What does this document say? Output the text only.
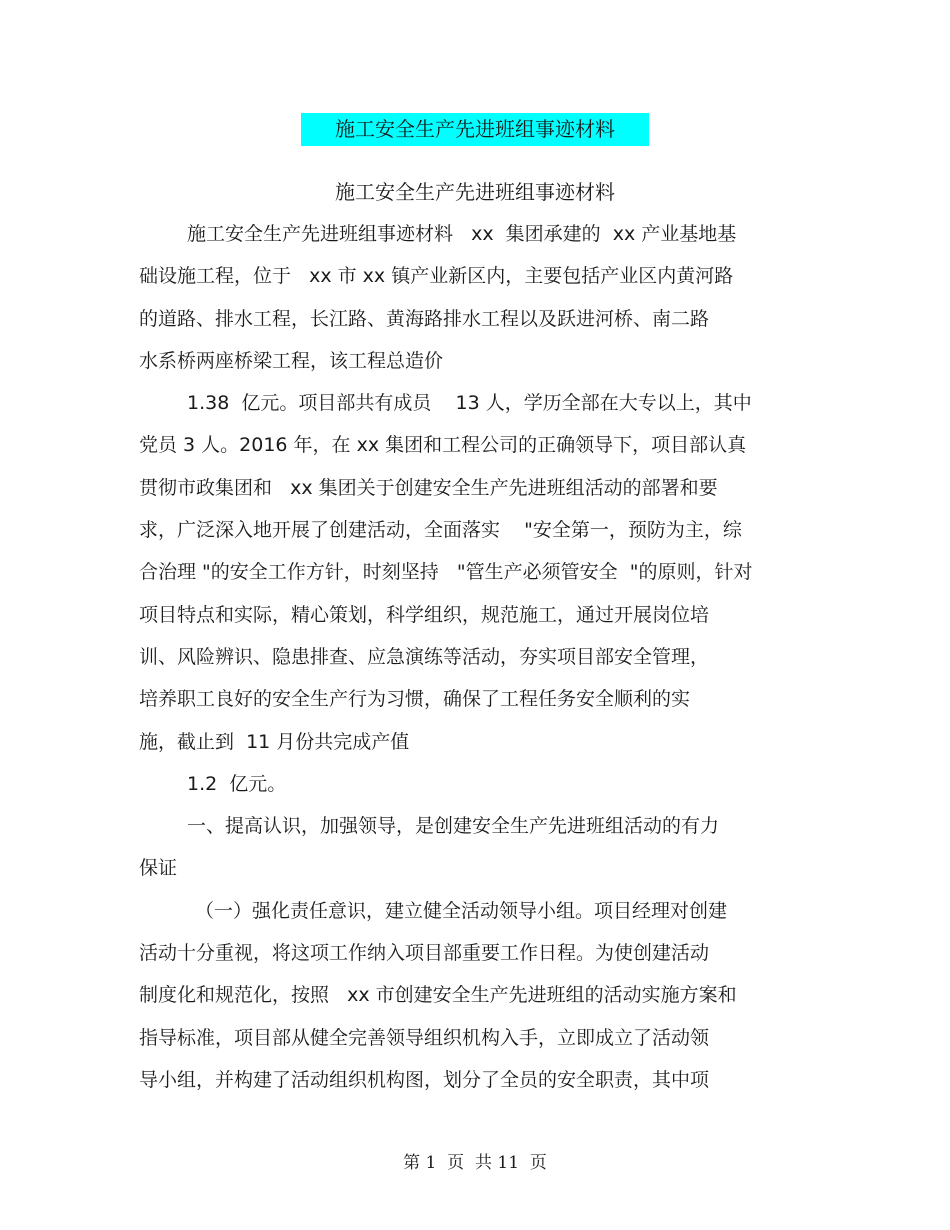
施工安全生产先进班组事迹材料
施工安全生产先进班组事迹材料
施工安全生产先进班组事迹材料   xx  集团承建的  xx 产业基地基
础设施工程，位于   xx 市 xx 镇产业新区内，主要包括产业区内黄河路
的道路、排水工程，长江路、黄海路排水工程以及跃进河桥、南二路
水系桥两座桥梁工程，该工程总造价
1.38  亿元。项目部共有成员    13 人，学历全部在大专以上，其中
党员 3 人。2016 年，在 xx 集团和工程公司的正确领导下，项目部认真
贯彻市政集团和   xx 集团关于创建安全生产先进班组活动的部署和要
求，广泛深入地开展了创建活动，全面落实    "安全第一，预防为主，综
合治理 "的安全工作方针，时刻坚持   "管生产必须管安全  "的原则，针对
项目特点和实际，精心策划，科学组织，规范施工，通过开展岗位培
训、风险辨识、隐患排查、应急演练等活动，夯实项目部安全管理，
培养职工良好的安全生产行为习惯，确保了工程任务安全顺利的实
施，截止到  11 月份共完成产值
1.2  亿元。
一、提高认识，加强领导，是创建安全生产先进班组活动的有力
保证
（一）强化责任意识，建立健全活动领导小组。项目经理对创建
活动十分重视，将这项工作纳入项目部重要工作日程。为使创建活动
制度化和规范化，按照   xx 市创建安全生产先进班组的活动实施方案和
指导标准，项目部从健全完善领导组织机构入手，立即成立了活动领
导小组，并构建了活动组织机构图，划分了全员的安全职责，其中项
第 1  页  共 11  页
